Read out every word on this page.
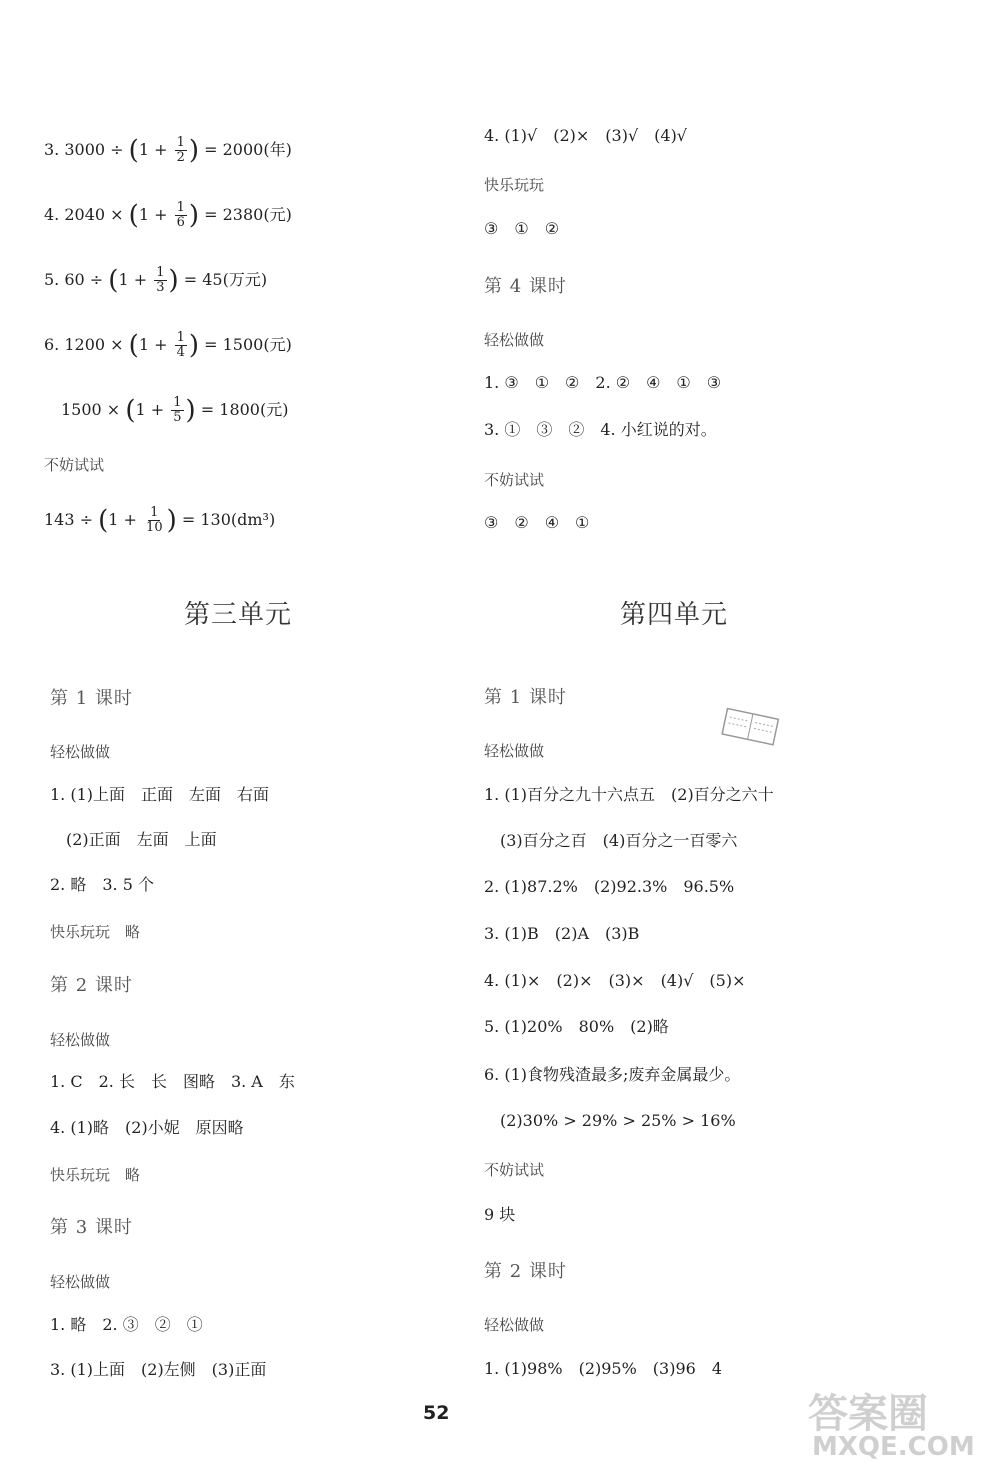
3. $3000 \div (1 + \frac{1}{2}$ ) = 2000(年)
4. $2040 \times (1 + \frac{1}{6}$ ) = 2380(元)
5. $60 \div (1 + \frac{1}{3}$ ) = 45(万元)
6. $1200 \times (1 + \frac{1}{4}$ ) = 1500(元)
$1500 \times (1 + \frac{1}{5}$ ) = 1800(元)
不妨试试
$143 \div (1 + \frac{1}{10}$ ) = 130(dm³)
第三单元
第 1 课时
轻松做做
1. (1)上面　正面　左面　右面
(2)正面　左面　上面
2. 略　3. 5 个
快乐玩玩　略
第 2 课时
轻松做做
1. C　2. 长　长　图略　3. A　东
4. (1)略　(2)小妮　原因略
快乐玩玩　略
第 3 课时
轻松做做
1. 略　2. ③　②　①
3. (1)上面　(2)左侧　(3)正面
4. (1)√　(2)×　(3)√　(4)√
快乐玩玩
③　①　②
第 4 课时
轻松做做
1. ③　①　②　2. ②　④　①　③
3. ①　③　②　4. 小红说的对。
不妨试试
③　②　④　①
第四单元
第 1 课时
轻松做做
1. (1)百分之九十六点五　(2)百分之六十
(3)百分之百　(4)百分之一百零六
2. (1)87.2%　(2)92.3%　96.5%
3. (1)B　(2)A　(3)B
4. (1)×　(2)×　(3)×　(4)√　(5)×
5. (1)20%　80%　(2)略
6. (1)食物残渣最多;废弃金属最少。
(2)30% > 29% > 25% > 16%
不妨试试
9 块
第 2 课时
轻松做做
1. (1)98%　(2)95%　(3)96　4
52	答案圈
MXQE.COM
